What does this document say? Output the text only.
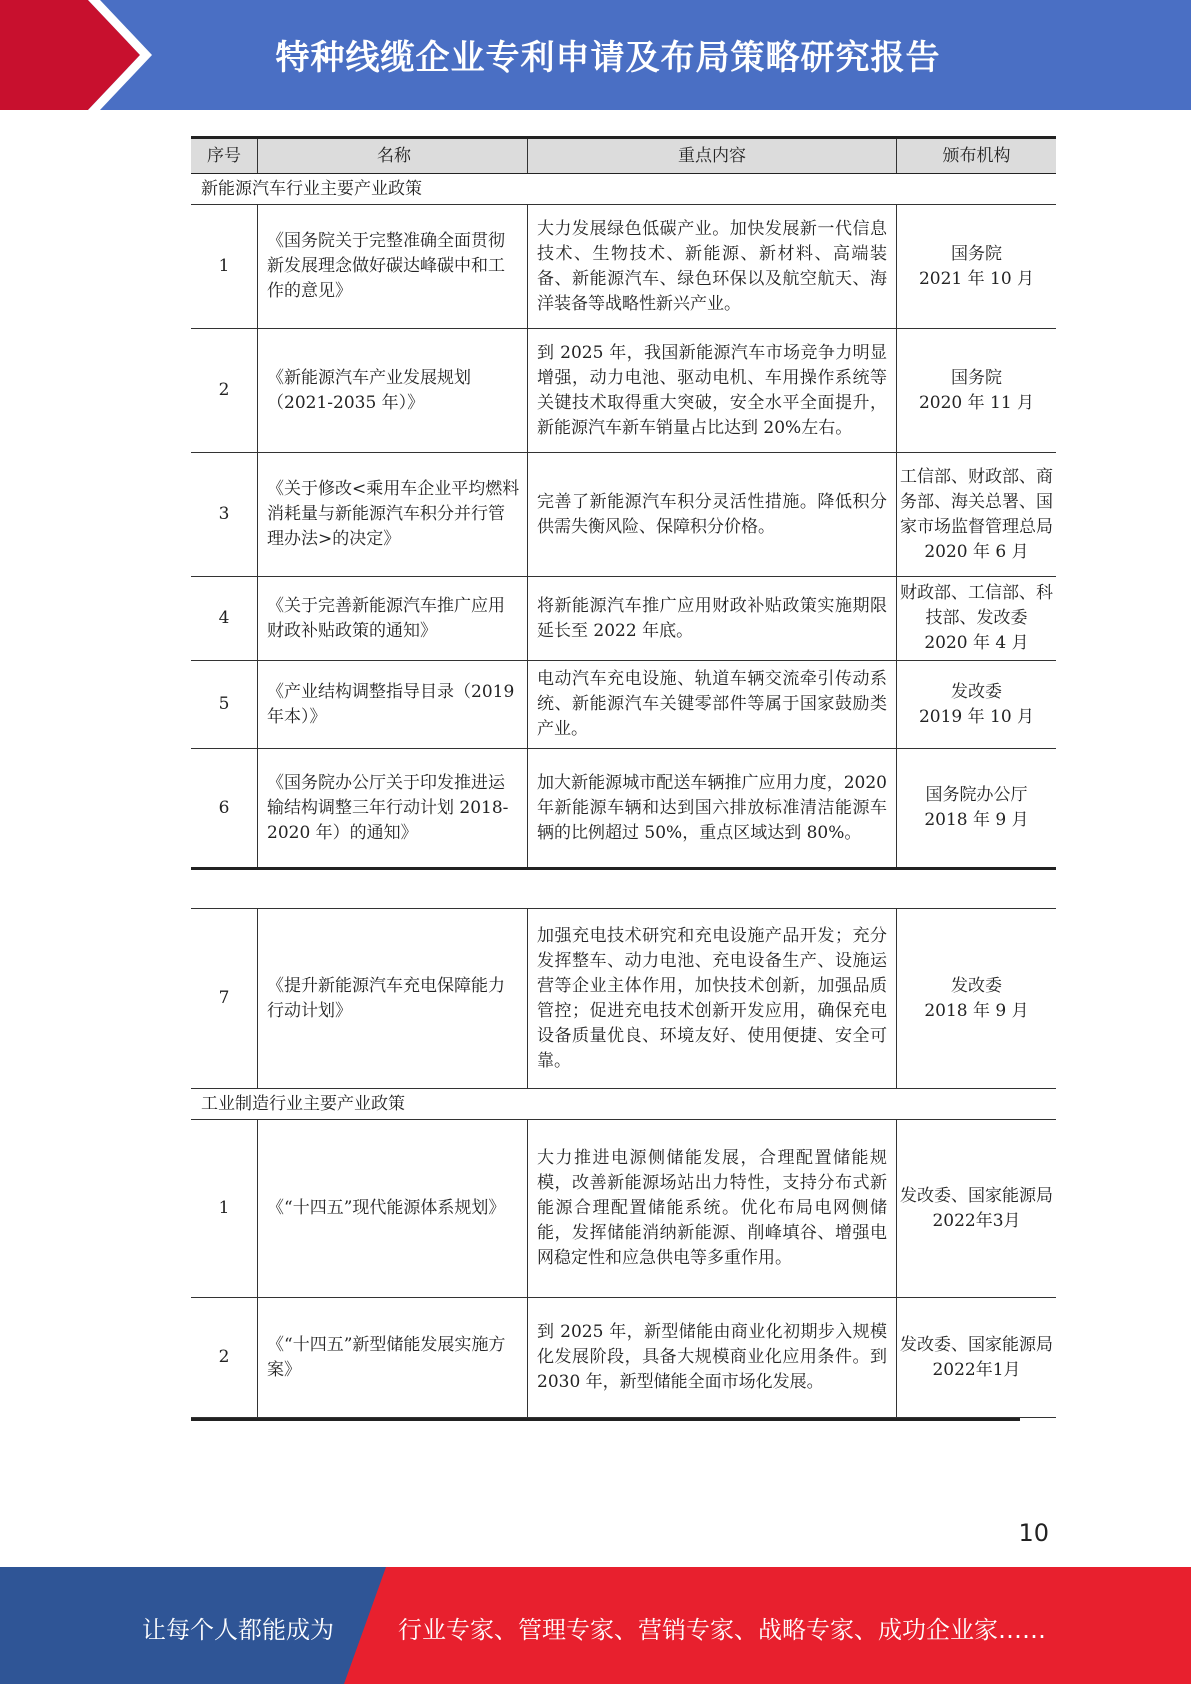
特种线缆企业专利申请及布局策略研究报告
序号	名称	重点内容	颁布机构
新能源汽车行业主要产业政策			
1	《国务院关于完整准确全面贯彻新发展理念做好碳达峰碳中和工作的意见》	大力发展绿色低碳产业。加快发展新一代信息技术、生物技术、新能源、新材料、高端装备、新能源汽车、绿色环保以及航空航天、海洋装备等战略性新兴产业。	国务院
2021 年 10 月

2	《新能源汽车产业发展规划（2021-2035 年）》	到 2025 年，我国新能源汽车市场竞争力明显增强，动力电池、驱动电机、车用操作系统等关键技术取得重大突破，安全水平全面提升，新能源汽车新车销量占比达到 20%左右。	国务院
2020 年 11 月

3	《关于修改<乘用车企业平均燃料消耗量与新能源汽车积分并行管理办法>的决定》	完善了新能源汽车积分灵活性措施。降低积分供需失衡风险、保障积分价格。	工信部、财政部、商务部、海关总署、国家市场监督管理总局
2020 年 6 月

4	《关于完善新能源汽车推广应用财政补贴政策的通知》	将新能源汽车推广应用财政补贴政策实施期限延长至 2022 年底。	财政部、工信部、科技部、发改委
2020 年 4 月

5	《产业结构调整指导目录（2019 年本）》	电动汽车充电设施、轨道车辆交流牵引传动系统、新能源汽车关键零部件等属于国家鼓励类产业。	发改委
2019 年 10 月

6	《国务院办公厅关于印发推进运输结构调整三年行动计划 2018-2020 年）的通知》	加大新能源城市配送车辆推广应用力度，2020 年新能源车辆和达到国六排放标准清洁能源车辆的比例超过 50%，重点区域达到 80%。	国务院办公厅
2018 年 9 月
7	《提升新能源汽车充电保障能力行动计划》	加强充电技术研究和充电设施产品开发；充分发挥整车、动力电池、充电设备生产、设施运营等企业主体作用，加快技术创新，加强品质管控；促进充电技术创新开发应用，确保充电设备质量优良、环境友好、使用便捷、安全可靠。	发改委
2018 年 9 月

工业制造行业主要产业政策			
1	《“十四五”现代能源体系规划》	大力推进电源侧储能发展，合理配置储能规模，改善新能源场站出力特性，支持分布式新能源合理配置储能系统。优化布局电网侧储能，发挥储能消纳新能源、削峰填谷、增强电网稳定性和应急供电等多重作用。	发改委、国家能源局
2022年3月

2	《“十四五”新型储能发展实施方案》	到 2025 年，新型储能由商业化初期步入规模化发展阶段，具备大规模商业化应用条件。到 2030 年，新型储能全面市场化发展。	发改委、国家能源局
2022年1月
10
让每个人都能成为	行业专家、管理专家、营销专家、战略专家、成功企业家……
